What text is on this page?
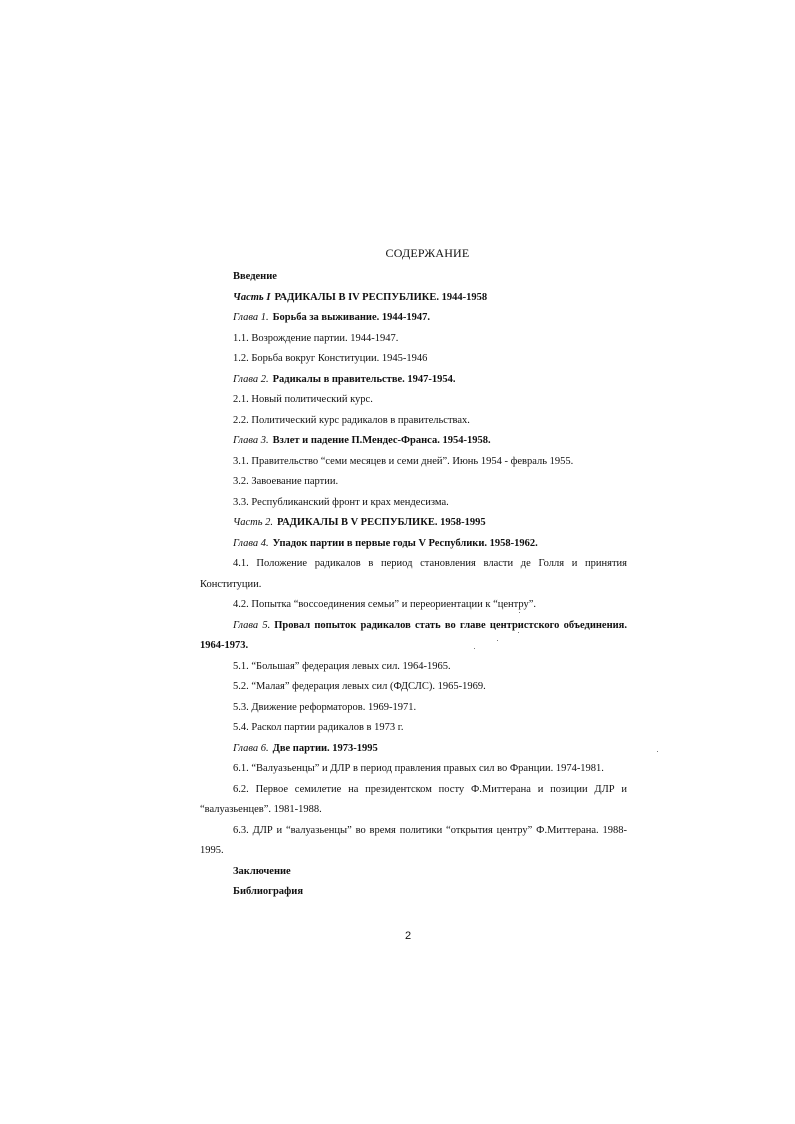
СОДЕРЖАНИЕ
Введение
Часть I РАДИКАЛЫ В IV РЕСПУБЛИКЕ. 1944-1958
Глава 1. Борьба за выживание. 1944-1947.
1.1. Возрождение партии. 1944-1947.
1.2. Борьба вокруг Конституции. 1945-1946
Глава 2. Радикалы в правительстве. 1947-1954.
2.1. Новый политический курс.
2.2. Политический курс радикалов в правительствах.
Глава 3. Взлет и падение П.Мендес-Франса. 1954-1958.
3.1. Правительство “семи месяцев и семи дней”. Июнь 1954 - февраль 1955.
3.2. Завоевание партии.
3.3. Республиканский фронт и крах мендесизма.
Часть 2. РАДИКАЛЫ В V РЕСПУБЛИКЕ. 1958-1995
Глава 4. Упадок партии в первые годы V Республики. 1958-1962.
4.1. Положение радикалов в период становления власти де Голля и принятия Конституции.
4.2. Попытка “воссоединения семьи” и переориентации к “центру”.
Глава 5. Провал попыток радикалов стать во главе центристского объединения. 1964-1973.
5.1. “Большая” федерация левых сил. 1964-1965.
5.2. “Малая” федерация левых сил (ФДСЛС). 1965-1969.
5.3. Движение реформаторов. 1969-1971.
5.4. Раскол партии радикалов в 1973 г.
Глава 6. Две партии. 1973-1995
6.1. “Валуазьенцы” и ДЛР в период правления правых сил во Франции. 1974-1981.
6.2. Первое семилетие на президентском посту Ф.Миттерана и позиции ДЛР и “валуазьенцев”. 1981-1988.
6.3. ДЛР и “валуазьенцы” во время политики “открытия центру” Ф.Миттерана. 1988-1995.
Заключение
Библиография
2
